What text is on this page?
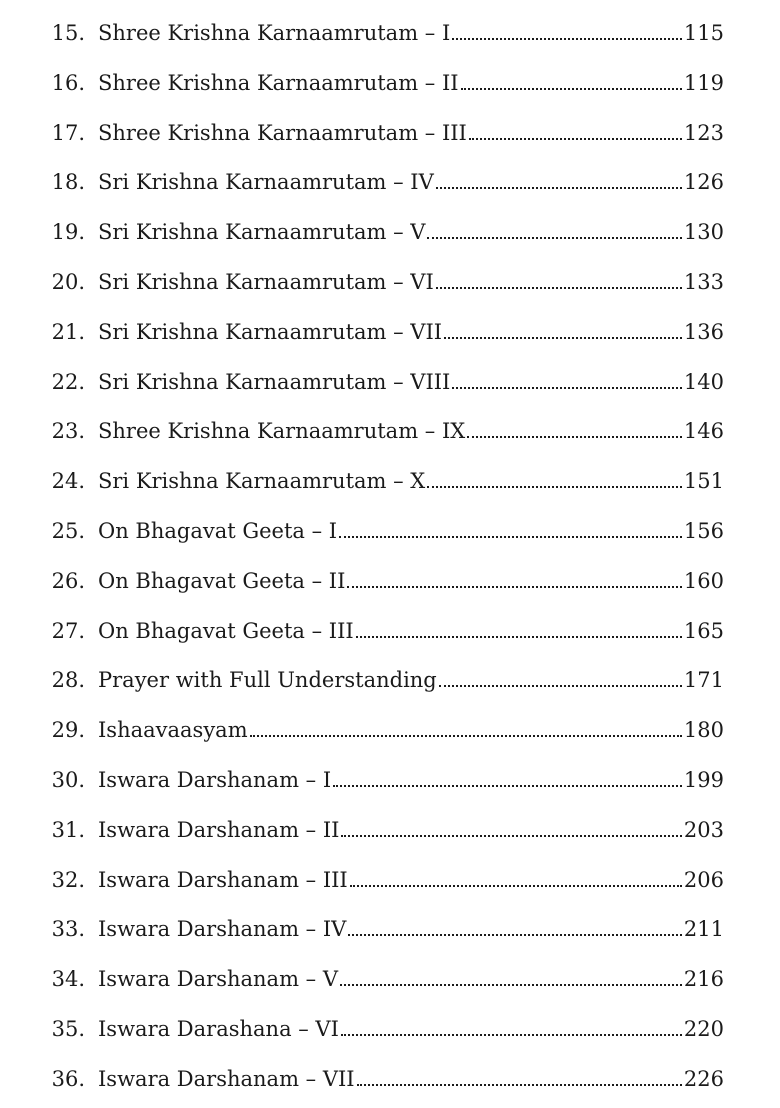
15. Shree Krishna Karnaamrutam – I	115
16. Shree Krishna Karnaamrutam – II	119
17. Shree Krishna Karnaamrutam – III	123
18. Sri Krishna Karnaamrutam – IV	126
19. Sri Krishna Karnaamrutam – V	130
20. Sri Krishna Karnaamrutam – VI	133
21. Sri Krishna Karnaamrutam – VII	136
22. Sri Krishna Karnaamrutam – VIII	140
23. Shree Krishna Karnaamrutam – IX	146
24. Sri Krishna Karnaamrutam – X	151
25. On Bhagavat Geeta – I	156
26. On Bhagavat Geeta – II	160
27. On Bhagavat Geeta – III	165
28. Prayer with Full Understanding	171
29. Ishaavaasyam	180
30. Iswara Darshanam – I	199
31. Iswara Darshanam – II	203
32. Iswara Darshanam – III	206
33. Iswara Darshanam – IV	211
34. Iswara Darshanam – V	216
35. Iswara Darashana – VI	220
36. Iswara Darshanam – VII	226
